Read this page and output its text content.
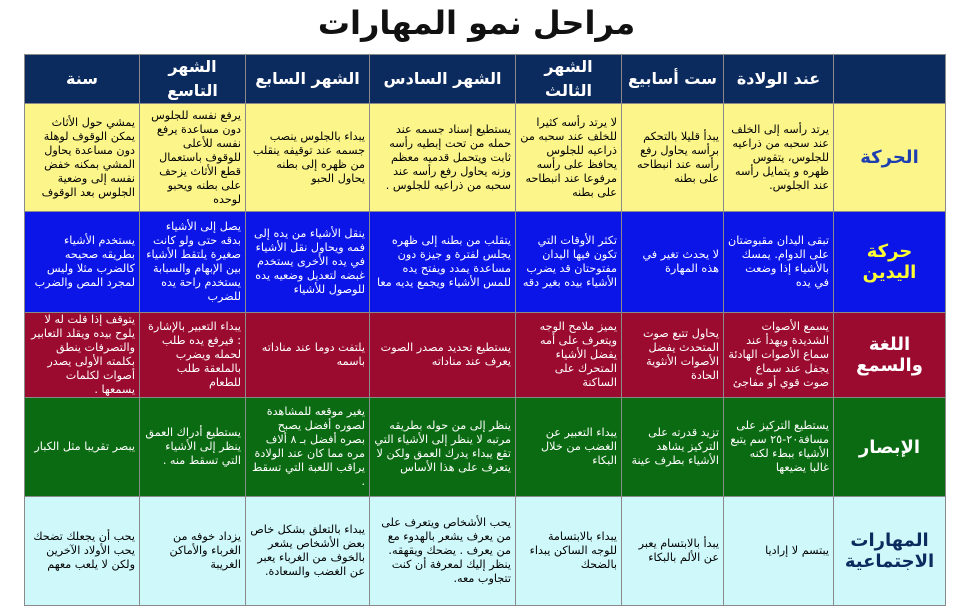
مراحل نمو المهارات
	عند الولادة	ست أسابيع	الشهر الثالث	الشهر السادس	الشهر السابع	الشهر التاسع	سنة
الحركة	يرتد رأسه إلى الخلف عند سحبه من ذراعيه للجلوس، يتقوس ظهره و يتمايل رأسه عند الجلوس.	يبدأ قليلا بالتحكم برأسه يحاول رفع رأسه عند انبطاحه على بطنه	لا يرتد رأسه كثيرا للخلف عند سحبه من ذراعيه للجلوس يحافظ على رأسه مرفوعا عند انبطاحه على بطنه	يستطيع إسناد جسمه عند حمله من تحت إبطيه رأسه ثابت ويتحمل قدميه معظم وزنه يحاول رفع رأسه عند سحبه من ذراعيه للجلوس .	يبداء بالجلوس ينصب جسمه عند توقيفه ينقلب من ظهره إلى بطنه يحاول الحبو	يرفع نفسه للجلوس دون مساعدة يرفع نفسه للأعلى للوقوف باستعمال قطع الأثاث يزحف على بطنه ويحبو لوحده	يمشي حول الأثاث يمكن الوقوف لوهلة دون مساعدة يحاول المشي بمكنه خفض نفسه إلى وضعية الجلوس بعد الوقوف
حركة اليدين	تبقى اليدان مقبوضتان على الدوام. يمسك بالأشياء إذا وضعت في يده	لا يحدث تغير في هذه المهارة	تكثر الأوقات التي تكون فيها اليدان مفتوحتان قد يضرب الأشياء بيده بغير دقه	يتقلب من بطنه إلى ظهره يجلس لفترة و جيزة دون مساعدة يمدد ويفتح يده للمس الأشياء ويجمع يديه معا	ينقل الأشياء من يده إلى فمه ويحاول نقل الأشياء في يده الأخرى يستخدم غبضه لتعديل وضعيه يده للوصول للأشياء	يصل إلى الأشياء بدقه حتى ولو كانت صغيرة يلتقط الأشياء بين الإبهام والسبابة يستخدم راحة يده للضرب	يستخدم الأشياء بطريقه صحيحه كالضرب مثلا وليس لمجرد المص والضرب
اللغة والسمع	يسمع الأصوات الشديدة ويهدأ عند سماع الأصوات الهادئة يجفل عند سماع صوت قوي أو مفاجئ	يحاول تتبع صوت المتحدث يفضل الأصوات الأنثوية الحادة	يميز ملامح الوجه ويتعرف على أمه يفضل الأشياء المتحرك على الساكنة	يستطيع تحديد مصدر الصوت يعرف عند مناداته	يلتفت دوما عند مناداته باسمه	يبداء التعبير بالإشارة : فيرفع يده طلب لحمله ويضرب بالملعقة طلب للطعام	يتوقف إذا قلت له لا يلوح بيده ويقلد التعابير والتصرفات ينطق بكلمته الأولى يصدر أصوات لكلمات يسمعها .
الإبصار	يستطيع التركيز على مسافة٢٠-٢٥ سم يتبع الأشياء ببطء لكنه غالبا يضيعها	تزيد قدرته على التركيز يشاهد الأشياء بطرف عينة	يبداء التعبير عن الغضب من خلال البكاء	ينظر إلى من حوله بطريقه مرتبه لا ينظر إلى الأشياء التي تقع يبداء يدرك العمق ولكن لا يتعرف على هذا الأساس	يغير موقعه للمشاهدة لصوره أفضل يصبح بصره أفضل بـ ٨ ألاف مره مما كان عند الولادة يراقب اللعبة التي تسقط .	يستطيع أدراك العمق ينظر إلى الأشياء التي تسقط منه .	يبصر تقريبا مثل الكبار
المهارات الاجتماعية	يبتسم لا إراديا	يبدأ بالابتسام يعبر عن الألم بالبكاء	يبداء بالابتسامة للوجه الساكن يبداء بالضحك	يحب الأشخاص ويتعرف على من يعرف يشعر بالهدوء مع من يعرف . يضحك ويقهقه. ينظر إليك لمعرفة أن كنت تتجاوب معه.	يبداء بالتعلق بشكل خاص بعض الأشخاص يشعر بالخوف من الغرباء يعبر عن الغضب والسعادة.	يزداد خوفه من الغرباء والأماكن الغريبة	يحب أن يجعلك تضحك يحب الأولاد الآخرين ولكن لا يلعب معهم
